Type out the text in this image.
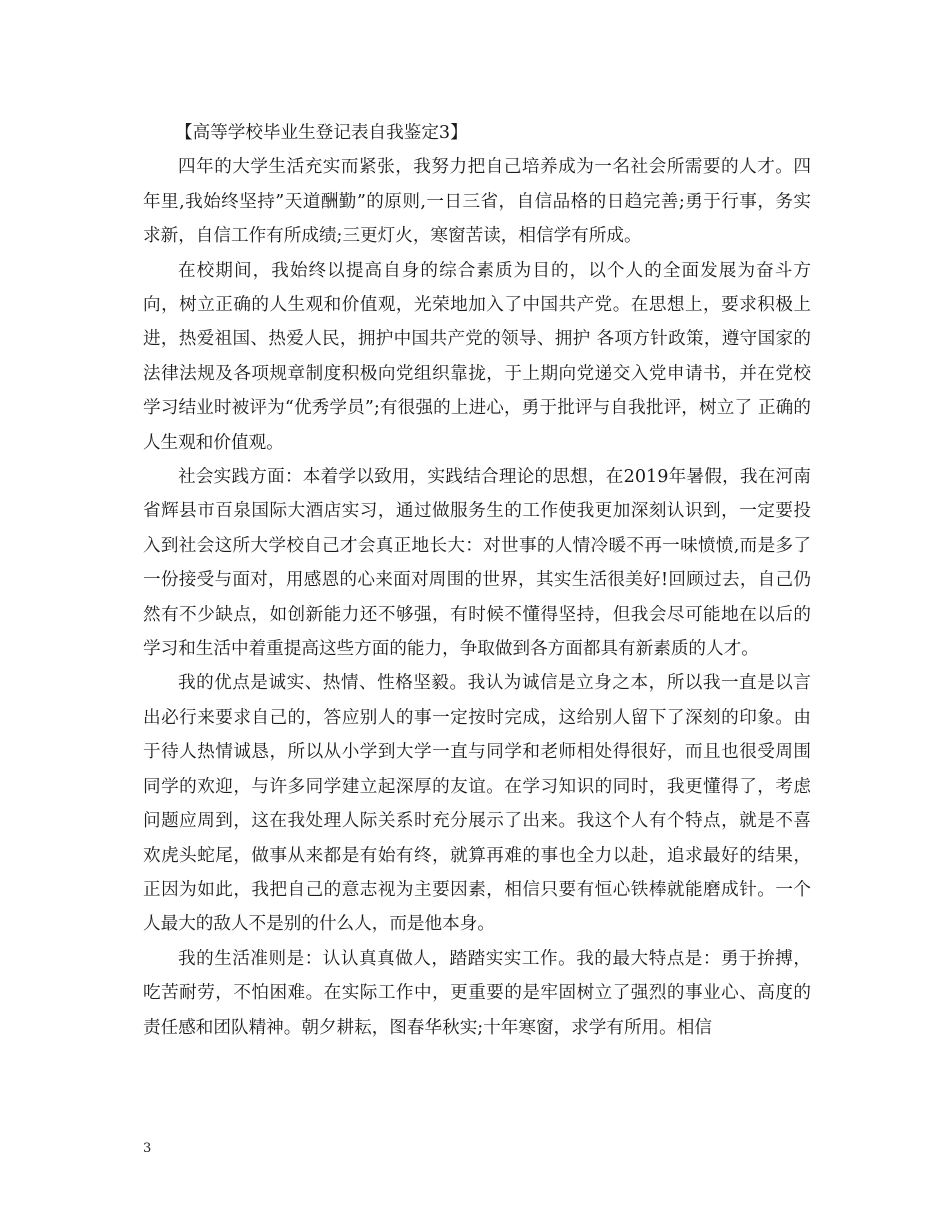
【高等学校毕业生登记表自我鉴定3】

四年的大学生活充实而紧张，我努力把自己培养成为一名社会所需要的人才。四年里,我始终坚持”天道酬勤”的原则,一日三省，自信品格的日趋完善;勇于行事，务实求新，自信工作有所成绩;三更灯火，寒窗苦读，相信学有所成。

在校期间，我始终以提高自身的综合素质为目的，以个人的全面发展为奋斗方向，树立正确的人生观和价值观，光荣地加入了中国共产党。在思想上，要求积极上进，热爱祖国、热爱人民，拥护中国共产党的领导、拥护 各项方针政策，遵守国家的法律法规及各项规章制度积极向党组织靠拢，于上期向党递交入党申请书，并在党校学习结业时被评为“优秀学员”;有很强的上进心，勇于批评与自我批评，树立了 正确的人生观和价值观。

社会实践方面：本着学以致用，实践结合理论的思想，在2019年暑假，我在河南省辉县市百泉国际大酒店实习，通过做服务生的工作使我更加深刻认识到，一定要投入到社会这所大学校自己才会真正地长大：对世事的人情冷暖不再一味愤愤,而是多了一份接受与面对，用感恩的心来面对周围的世界，其实生活很美好!回顾过去，自己仍然有不少缺点，如创新能力还不够强，有时候不懂得坚持，但我会尽可能地在以后的学习和生活中着重提高这些方面的能力，争取做到各方面都具有新素质的人才。

我的优点是诚实、热情、性格坚毅。我认为诚信是立身之本，所以我一直是以言出必行来要求自己的，答应别人的事一定按时完成，这给别人留下了深刻的印象。由于待人热情诚恳，所以从小学到大学一直与同学和老师相处得很好，而且也很受周围同学的欢迎，与许多同学建立起深厚的友谊。在学习知识的同时，我更懂得了，考虑问题应周到，这在我处理人际关系时充分展示了出来。我这个人有个特点，就是不喜欢虎头蛇尾，做事从来都是有始有终，就算再难的事也全力以赴，追求最好的结果，正因为如此，我把自己的意志视为主要因素，相信只要有恒心铁棒就能磨成针。一个人最大的敌人不是别的什么人，而是他本身。

我的生活准则是：认认真真做人，踏踏实实工作。我的最大特点是：勇于拚搏，吃苦耐劳，不怕困难。在实际工作中，更重要的是牢固树立了强烈的事业心、高度的责任感和团队精神。朝夕耕耘，图春华秋实;十年寒窗，求学有所用。相信

3
